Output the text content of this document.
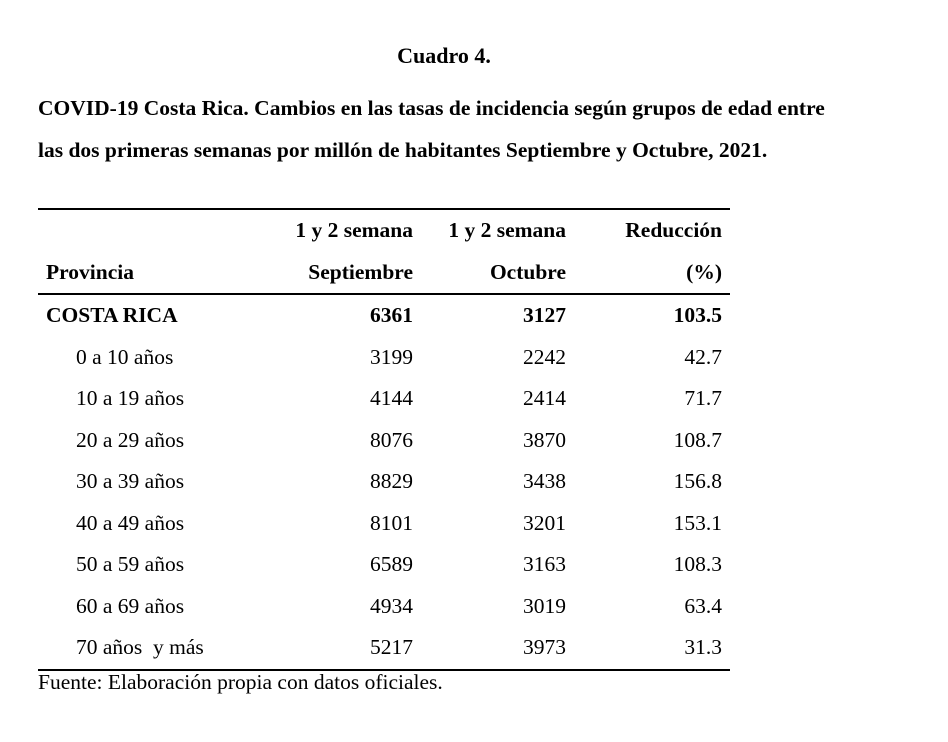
Cuadro 4.
COVID-19 Costa Rica. Cambios en las tasas de incidencia según grupos de edad entre
las dos primeras semanas por millón de habitantes Septiembre y Octubre, 2021.
	1 y 2 semana	1 y 2 semana	Reducción
Provincia	Septiembre	Octubre	(%)
COSTA RICA	6361	3127	103.5
0 a 10 años	3199	2242	42.7
10 a 19 años	4144	2414	71.7
20 a 29 años	8076	3870	108.7
30 a 39 años	8829	3438	156.8
40 a 49 años	8101	3201	153.1
50 a 59 años	6589	3163	108.3
60 a 69 años	4934	3019	63.4
70 años  y más	5217	3973	31.3
Fuente: Elaboración propia con datos oficiales.
